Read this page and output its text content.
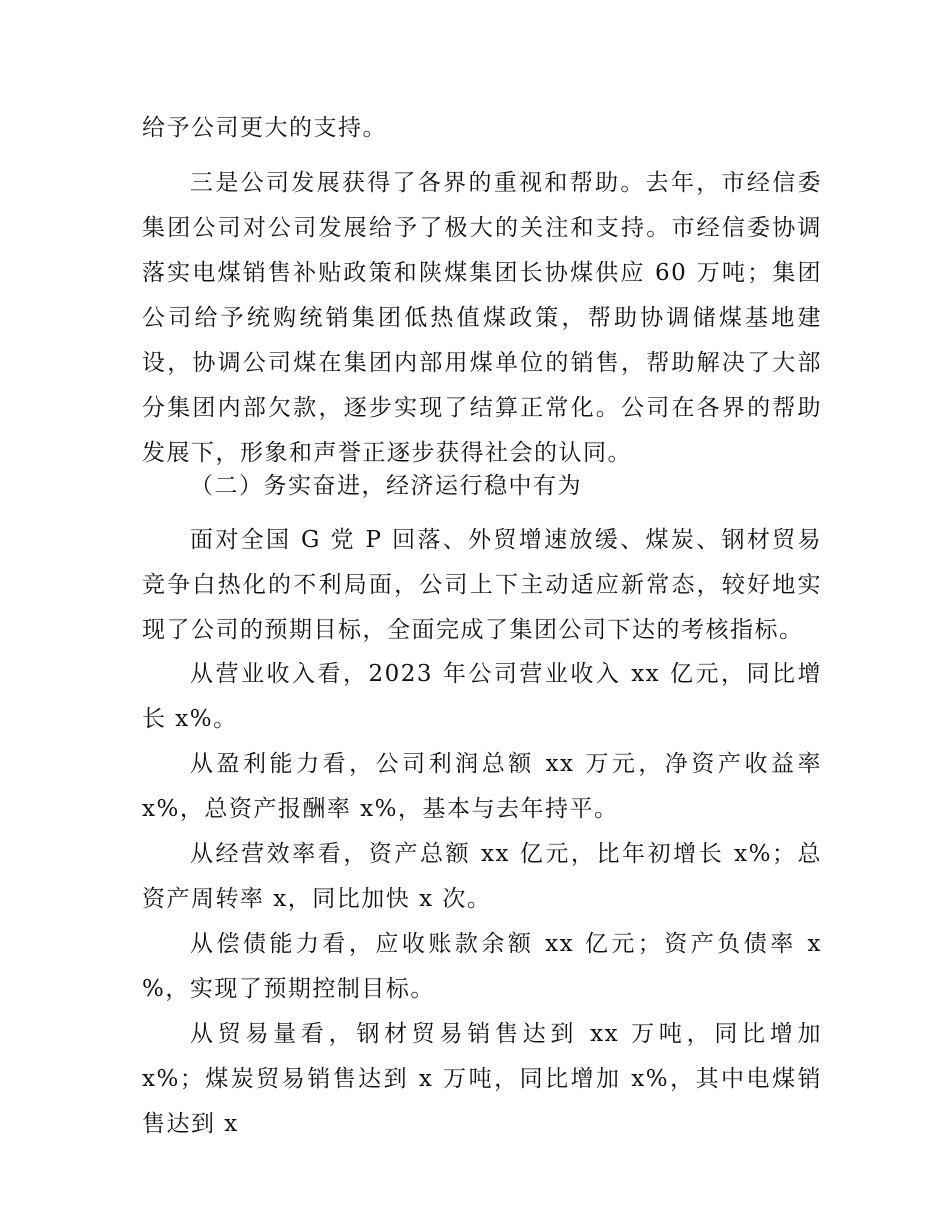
给予公司更大的支持。

三是公司发展获得了各界的重视和帮助。去年，市经信委集团公司对公司发展给予了极大的关注和支持。市经信委协调落实电煤销售补贴政策和陕煤集团长协煤供应 60 万吨；集团公司给予统购统销集团低热值煤政策，帮助协调储煤基地建设，协调公司煤在集团内部用煤单位的销售，帮助解决了大部分集团内部欠款，逐步实现了结算正常化。公司在各界的帮助发展下，形象和声誉正逐步获得社会的认同。

（二）务实奋进，经济运行稳中有为

面对全国 G 党 P 回落、外贸增速放缓、煤炭、钢材贸易竞争白热化的不利局面，公司上下主动适应新常态，较好地实现了公司的预期目标，全面完成了集团公司下达的考核指标。

从营业收入看，2023 年公司营业收入 xx 亿元，同比增长 x%。

从盈利能力看，公司利润总额 xx 万元，净资产收益率 x%，总资产报酬率 x%，基本与去年持平。

从经营效率看，资产总额 xx 亿元，比年初增长 x%；总资产周转率 x，同比加快 x 次。

从偿债能力看，应收账款余额 xx 亿元；资产负债率 x %，实现了预期控制目标。

从贸易量看，钢材贸易销售达到 xx 万吨，同比增加 x%；煤炭贸易销售达到 x 万吨，同比增加 x%，其中电煤销售达到 x
